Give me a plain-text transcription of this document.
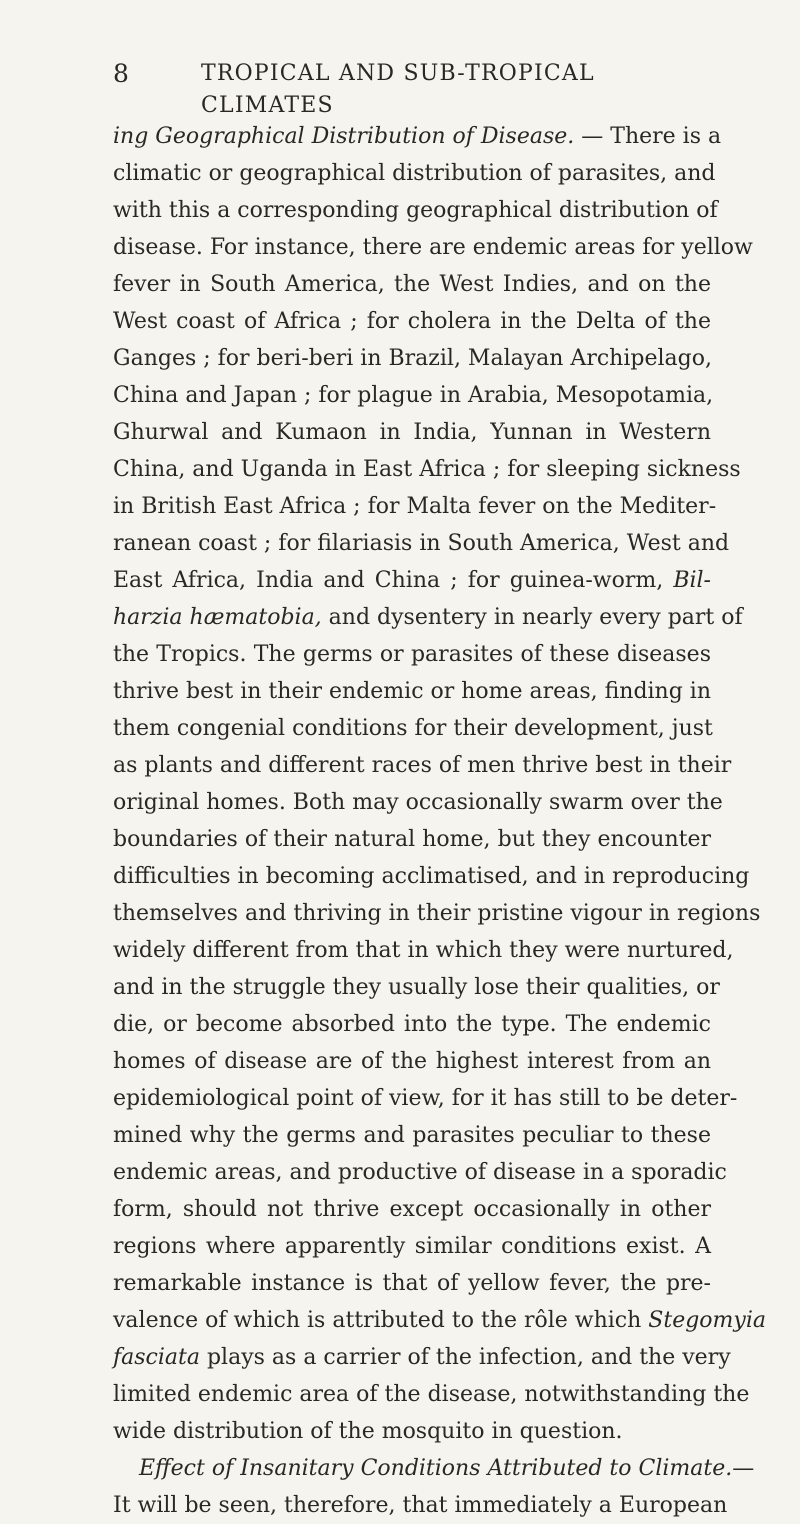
8	TROPICAL AND SUB-TROPICAL CLIMATES
ing Geographical Distribution of Disease. — There is a
climatic or geographical distribution of parasites, and
with this a corresponding geographical distribution of
disease. For instance, there are endemic areas for yellow
fever in South America, the West Indies, and on the
West coast of Africa ; for cholera in the Delta of the
Ganges ; for beri-beri in Brazil, Malayan Archipelago,
China and Japan ; for plague in Arabia, Mesopotamia,
Ghurwal and Kumaon in India, Yunnan in Western
China, and Uganda in East Africa ; for sleeping sickness
in British East Africa ; for Malta fever on the Mediter-
ranean coast ; for filariasis in South America, West and
East Africa, India and China ; for guinea-worm, Bil-
harzia hæmatobia, and dysentery in nearly every part of
the Tropics. The germs or parasites of these diseases
thrive best in their endemic or home areas, finding in
them congenial conditions for their development, just
as plants and different races of men thrive best in their
original homes. Both may occasionally swarm over the
boundaries of their natural home, but they encounter
difficulties in becoming acclimatised, and in reproducing
themselves and thriving in their pristine vigour in regions
widely different from that in which they were nurtured,
and in the struggle they usually lose their qualities, or
die, or become absorbed into the type. The endemic
homes of disease are of the highest interest from an
epidemiological point of view, for it has still to be deter-
mined why the germs and parasites peculiar to these
endemic areas, and productive of disease in a sporadic
form, should not thrive except occasionally in other
regions where apparently similar conditions exist. A
remarkable instance is that of yellow fever, the pre-
valence of which is attributed to the rôle which Stegomyia
fasciata plays as a carrier of the infection, and the very
limited endemic area of the disease, notwithstanding the
wide distribution of the mosquito in question.
Effect of Insanitary Conditions Attributed to Climate.—
It will be seen, therefore, that immediately a European
